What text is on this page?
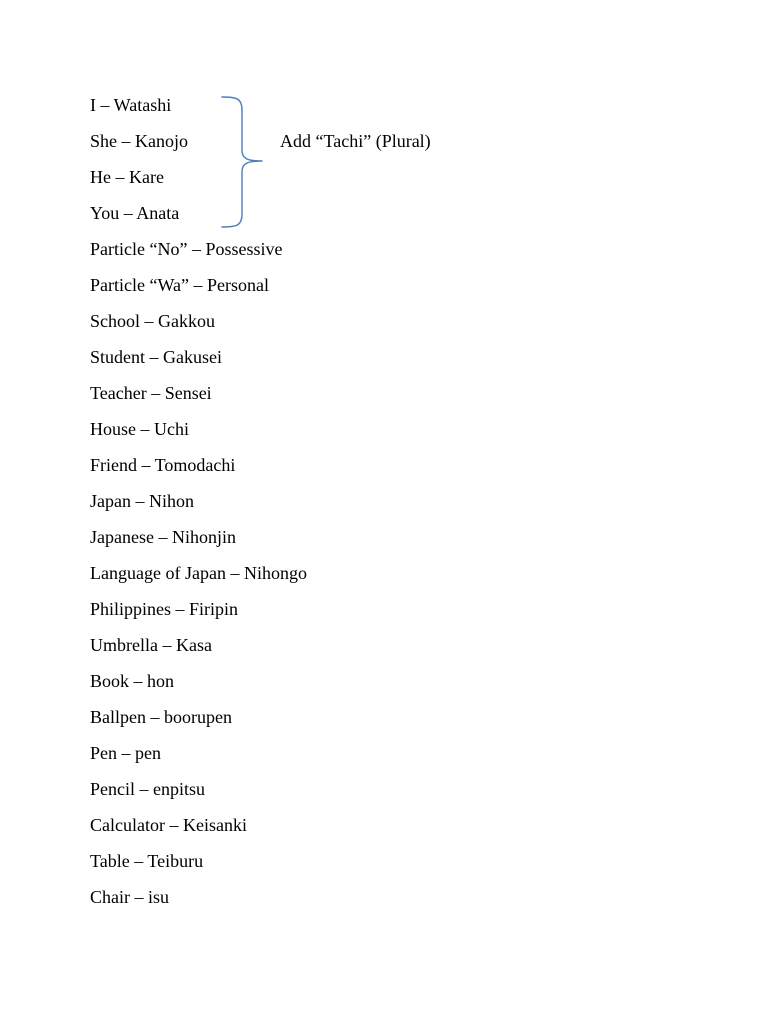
I – Watashi
She – Kanojo
He – Kare
You – Anata
Particle “No” – Possessive
Particle “Wa” – Personal
School – Gakkou
Student – Gakusei
Teacher – Sensei
House – Uchi
Friend – Tomodachi
Japan – Nihon
Japanese – Nihonjin
Language of Japan – Nihongo
Philippines – Firipin
Umbrella – Kasa
Book – hon
Ballpen – boorupen
Pen – pen
Pencil – enpitsu
Calculator – Keisanki
Table – Teiburu
Chair – isu
Add “Tachi” (Plural)
